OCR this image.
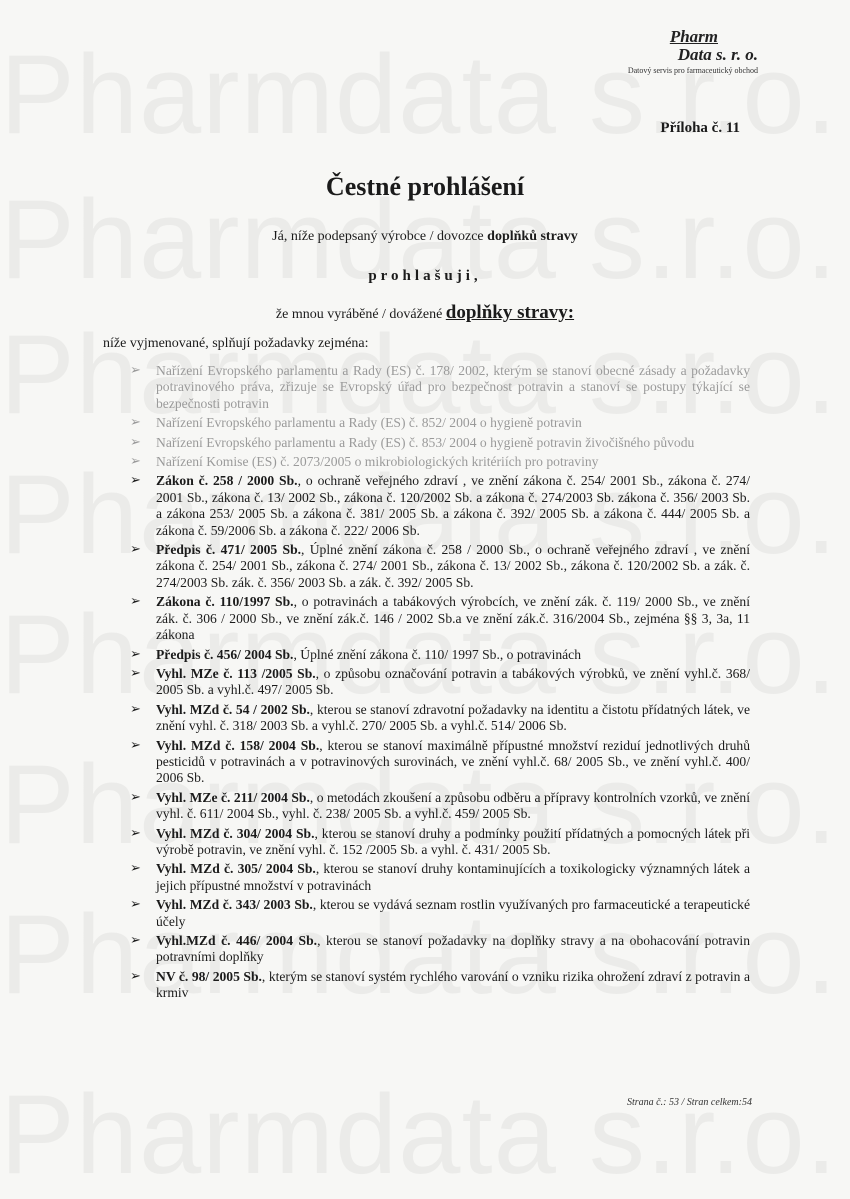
Pharm
Data s. r. o.
Datový servis pro farmaceutický obchod
Příloha č. 11
Čestné prohlášení
Já, níže podepsaný výrobce / dovozce doplňků stravy
prohlašuji,
že mnou vyráběné / dovážené doplňky stravy:
níže vyjmenované, splňují požadavky zejména:
➢ Nařízení Evropského parlamentu a Rady (ES) č. 178/ 2002, kterým se stanoví obecné zásady a požadavky potravinového práva, zřizuje se Evropský úřad pro bezpečnost potravin a stanoví se postupy týkající se bezpečnosti potravin
➢ Nařízení Evropského parlamentu a Rady (ES) č. 852/ 2004 o hygieně potravin
➢ Nařízení Evropského parlamentu a Rady (ES) č. 853/ 2004 o hygieně potravin živočišného původu
➢ Nařízení Komise (ES) č. 2073/2005 o mikrobiologických kritériích pro potraviny
➢ Zákon č. 258 / 2000 Sb., o ochraně veřejného zdraví , ve znění zákona č. 254/ 2001 Sb., zákona č. 274/ 2001 Sb., zákona č. 13/ 2002 Sb., zákona č. 120/2002 Sb. a zákona č. 274/2003 Sb. zákona č. 356/ 2003 Sb. a zákona 253/ 2005 Sb. a zákona č. 381/ 2005 Sb. a zákona č. 392/ 2005 Sb. a zákona č. 444/ 2005 Sb. a zákona č. 59/2006 Sb. a zákona č. 222/ 2006 Sb.
➢ Předpis č. 471/ 2005 Sb., Úplné znění zákona č. 258 / 2000 Sb., o ochraně veřejného zdraví , ve znění zákona č. 254/ 2001 Sb., zákona č. 274/ 2001 Sb., zákona č. 13/ 2002 Sb., zákona č. 120/2002 Sb. a zák. č. 274/2003 Sb. zák. č. 356/ 2003 Sb. a zák. č. 392/ 2005 Sb.
➢ Zákona č. 110/1997 Sb., o potravinách a tabákových výrobcích, ve znění zák. č. 119/ 2000 Sb., ve znění zák. č. 306 / 2000 Sb., ve znění zák.č. 146 / 2002 Sb.a ve znění zák.č. 316/2004 Sb., zejména §§ 3, 3a, 11 zákona
➢ Předpis č. 456/ 2004 Sb., Úplné znění zákona č. 110/ 1997 Sb., o potravinách
➢ Vyhl. MZe č. 113 /2005 Sb., o způsobu označování potravin a tabákových výrobků, ve znění vyhl.č. 368/ 2005 Sb. a vyhl.č. 497/ 2005 Sb.
➢ Vyhl. MZd č. 54 / 2002 Sb., kterou se stanoví zdravotní požadavky na identitu a čistotu přídatných látek, ve znění vyhl. č. 318/ 2003 Sb. a vyhl.č. 270/ 2005 Sb. a vyhl.č. 514/ 2006 Sb.
➢ Vyhl. MZd č. 158/ 2004 Sb., kterou se stanoví maximálně přípustné množství reziduí jednotlivých druhů pesticidů v potravinách a v potravinových surovinách, ve znění vyhl.č. 68/ 2005 Sb., ve znění vyhl.č. 400/ 2006 Sb.
➢ Vyhl. MZe č. 211/ 2004 Sb., o metodách zkoušení a způsobu odběru a přípravy kontrolních vzorků, ve znění vyhl. č. 611/ 2004 Sb., vyhl. č. 238/ 2005 Sb. a vyhl.č. 459/ 2005 Sb.
➢ Vyhl. MZd č. 304/ 2004 Sb., kterou se stanoví druhy a podmínky použití přídatných a pomocných látek při výrobě potravin, ve znění vyhl. č. 152 /2005 Sb. a vyhl. č. 431/ 2005 Sb.
➢ Vyhl. MZd č. 305/ 2004 Sb., kterou se stanoví druhy kontaminujících a toxikologicky významných látek a jejich přípustné množství v potravinách
➢ Vyhl. MZd č. 343/ 2003 Sb., kterou se vydává seznam rostlin využívaných pro farmaceutické a terapeutické účely
➢ Vyhl.MZd č. 446/ 2004 Sb., kterou se stanoví požadavky na doplňky stravy a na obohacování potravin potravními doplňky
➢ NV č. 98/ 2005 Sb., kterým se stanoví systém rychlého varování o vzniku rizika ohrožení zdraví z potravin a krmiv
Strana č.: 53 / Stran celkem:54
